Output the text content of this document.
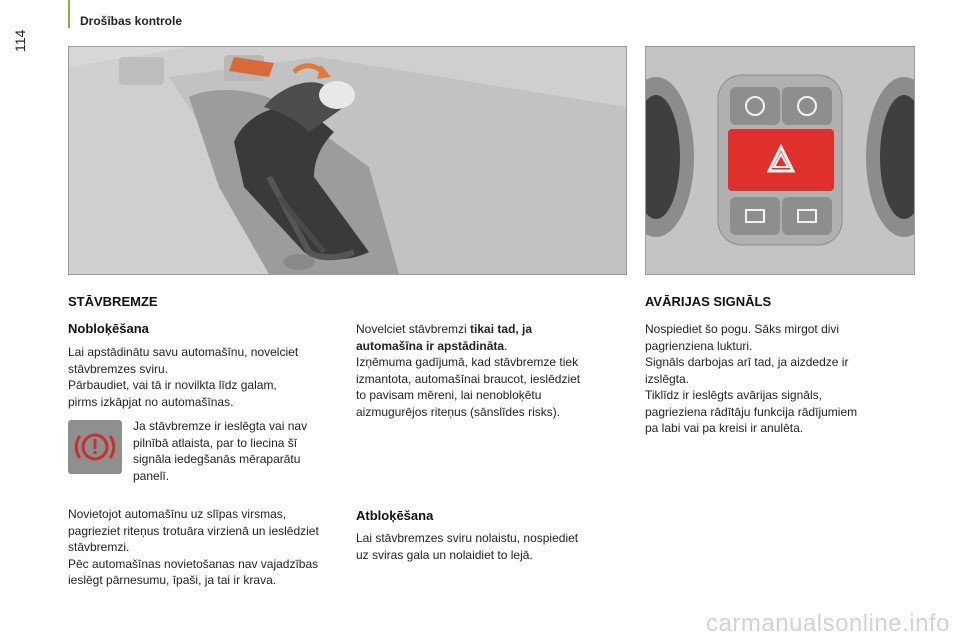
Drošības kontrole
114
STĀVBREMZE	AVĀRIJAS SIGNĀLS
Nobloķēšana
Lai apstādinātu savu automašīnu, novelciet
stāvbremzes sviru.
Pārbaudiet, vai tā ir novilkta līdz galam,
pirms izkāpjat no automašīnas.
Ja stāvbremze ir ieslēgta vai nav
pilnībā atlaista, par to liecina šī
signāla iedegšanās mēraparātu
panelī.
Novietojot automašīnu uz slīpas virsmas,
pagrieziet riteņus trotuāra virzienā un ieslēdziet
stāvbremzi.
Pēc automašīnas novietošanas nav vajadzības
ieslēgt pārnesumu, īpaši, ja tai ir krava.
Novelciet stāvbremzi tikai tad, ja
automašīna ir apstādināta.
Izņēmuma gadījumā, kad stāvbremze tiek
izmantota, automašīnai braucot, ieslēdziet
to pavisam mēreni, lai nenobloķētu
aizmugurējos riteņus (sānslīdes risks).
Atbloķēšana
Lai stāvbremzes sviru nolaistu, nospiediet
uz sviras gala un nolaidiet to lejā.
Nospiediet šo pogu. Sāks mirgot divi
pagrienziena lukturi.
Signāls darbojas arī tad, ja aizdedze ir
izslēgta.
Tiklīdz ir ieslēgts avārijas signāls,
pagrieziena rādītāju funkcija rādījumiem
pa labi vai pa kreisi ir anulēta.
carmanualsonline.info
